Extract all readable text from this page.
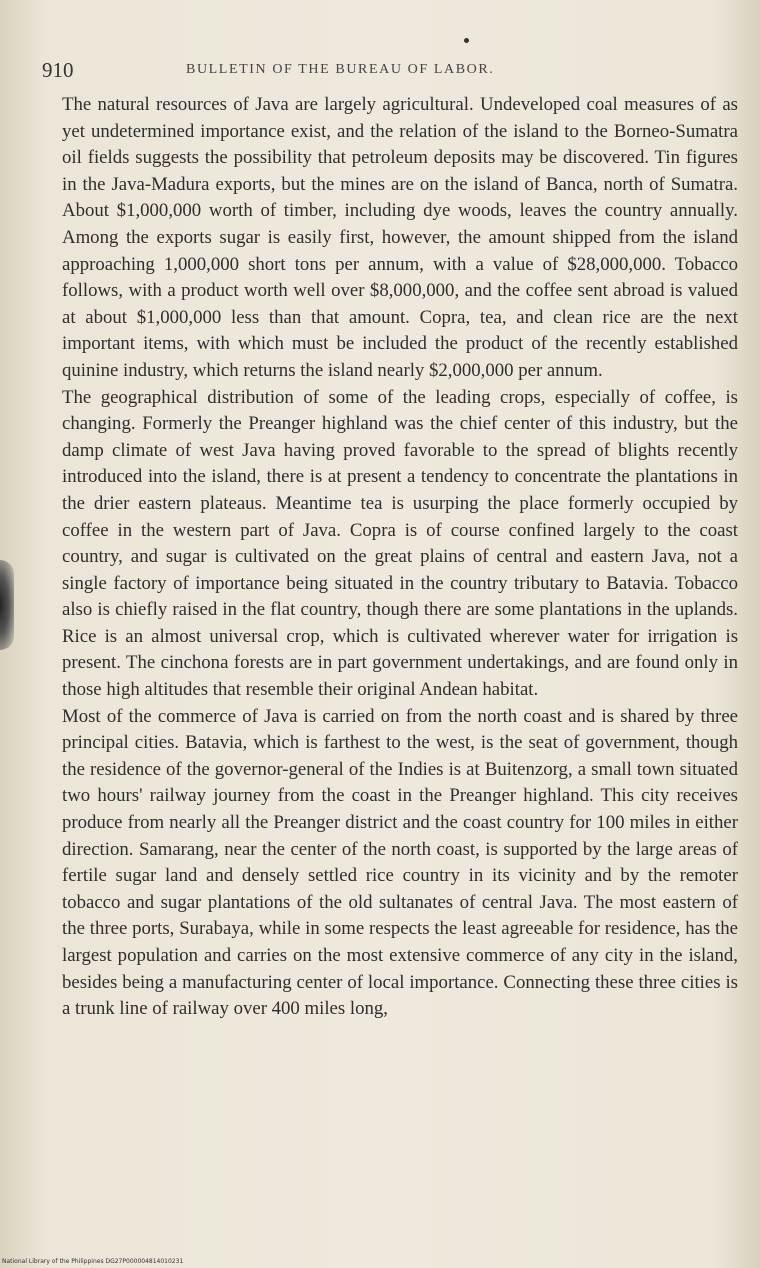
910	BULLETIN OF THE BUREAU OF LABOR.

The natural resources of Java are largely agricultural. Undeveloped coal measures of as yet undetermined importance exist, and the relation of the island to the Borneo-Sumatra oil fields suggests the possibility that petroleum deposits may be discovered. Tin figures in the Java-Madura exports, but the mines are on the island of Banca, north of Sumatra. About $1,000,000 worth of timber, including dye woods, leaves the country annually. Among the exports sugar is easily first, however, the amount shipped from the island approaching 1,000,000 short tons per annum, with a value of $28,000,000. Tobacco follows, with a product worth well over $8,000,000, and the coffee sent abroad is valued at about $1,000,000 less than that amount. Copra, tea, and clean rice are the next important items, with which must be included the product of the recently established quinine industry, which returns the island nearly $2,000,000 per annum.

The geographical distribution of some of the leading crops, especially of coffee, is changing. Formerly the Preanger highland was the chief center of this industry, but the damp climate of west Java having proved favorable to the spread of blights recently introduced into the island, there is at present a tendency to concentrate the plantations in the drier eastern plateaus. Meantime tea is usurping the place formerly occupied by coffee in the western part of Java. Copra is of course confined largely to the coast country, and sugar is cultivated on the great plains of central and eastern Java, not a single factory of importance being situated in the country tributary to Batavia. Tobacco also is chiefly raised in the flat country, though there are some plantations in the uplands. Rice is an almost universal crop, which is cultivated wherever water for irrigation is present. The cinchona forests are in part government undertakings, and are found only in those high altitudes that resemble their original Andean habitat.

Most of the commerce of Java is carried on from the north coast and is shared by three principal cities. Batavia, which is farthest to the west, is the seat of government, though the residence of the governor-general of the Indies is at Buitenzorg, a small town situated two hours' railway journey from the coast in the Preanger highland. This city receives produce from nearly all the Preanger district and the coast country for 100 miles in either direction. Samarang, near the center of the north coast, is supported by the large areas of fertile sugar land and densely settled rice country in its vicinity and by the remoter tobacco and sugar plantations of the old sultanates of central Java. The most eastern of the three ports, Surabaya, while in some respects the least agreeable for residence, has the largest population and carries on the most extensive commerce of any city in the island, besides being a manufacturing center of local importance. Connecting these three cities is a trunk line of railway over 400 miles long,

National Library of the Philippines DG27P000004814010231
